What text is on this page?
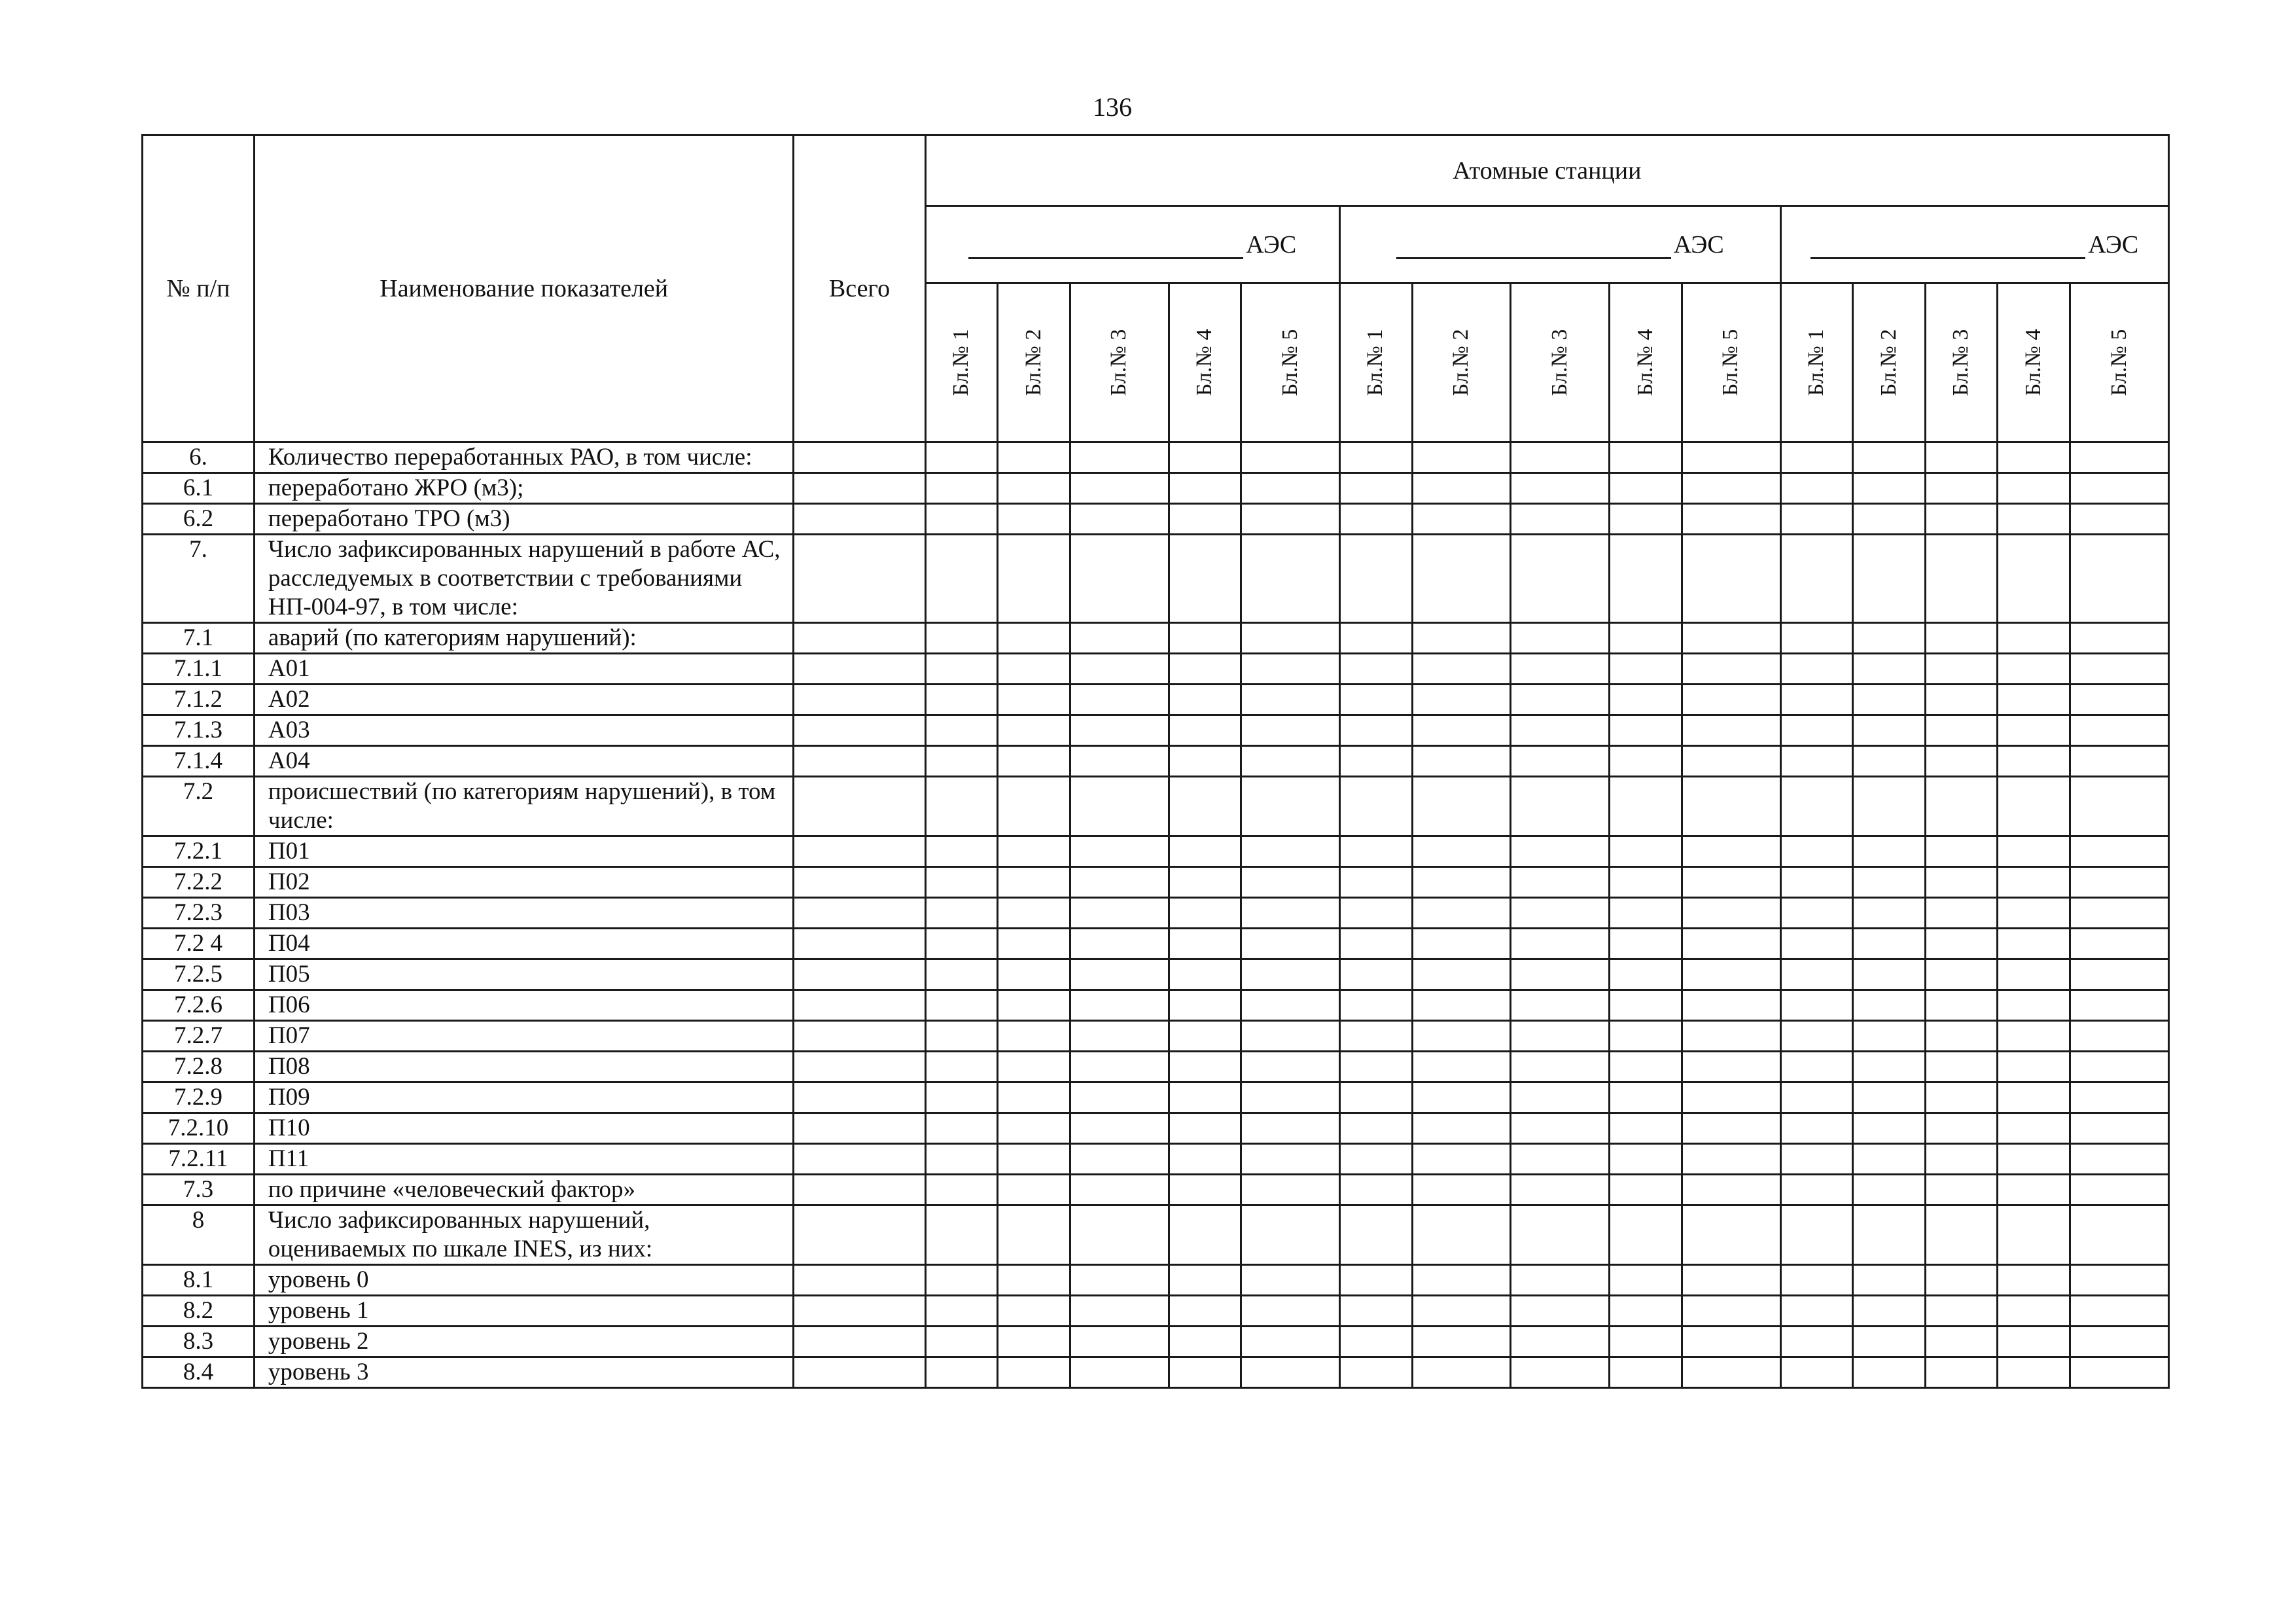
136
№ п/п	Наименование показателей	Всего	Атомные станции														
			АЭС					АЭС					АЭС				
			Бл.№ 1	Бл.№ 2	Бл.№ 3	Бл.№ 4	Бл.№ 5	Бл.№ 1	Бл.№ 2	Бл.№ 3	Бл.№ 4	Бл.№ 5	Бл.№ 1	Бл.№ 2	Бл.№ 3	Бл.№ 4	Бл.№ 5
6.	Количество переработанных РАО, в том числе:																
6.1	переработано ЖРО (м3);																
6.2	переработано ТРО (м3)																
7.	Число зафиксированных нарушений в работе АС, расследуемых в соответствии с требованиями НП-004-97, в том числе:																
7.1	аварий (по категориям нарушений):																
7.1.1	А01																
7.1.2	А02																
7.1.3	А03																
7.1.4	А04																
7.2	происшествий (по категориям нарушений), в том числе:																
7.2.1	П01																
7.2.2	П02																
7.2.3	П03																
7.2 4	П04																
7.2.5	П05																
7.2.6	П06																
7.2.7	П07																
7.2.8	П08																
7.2.9	П09																
7.2.10	П10																
7.2.11	П11																
7.3	по причине «человеческий фактор»																
8	Число зафиксированных нарушений, оцениваемых по шкале INES, из них:																
8.1	уровень 0																
8.2	уровень 1																
8.3	уровень 2																
8.4	уровень 3																
